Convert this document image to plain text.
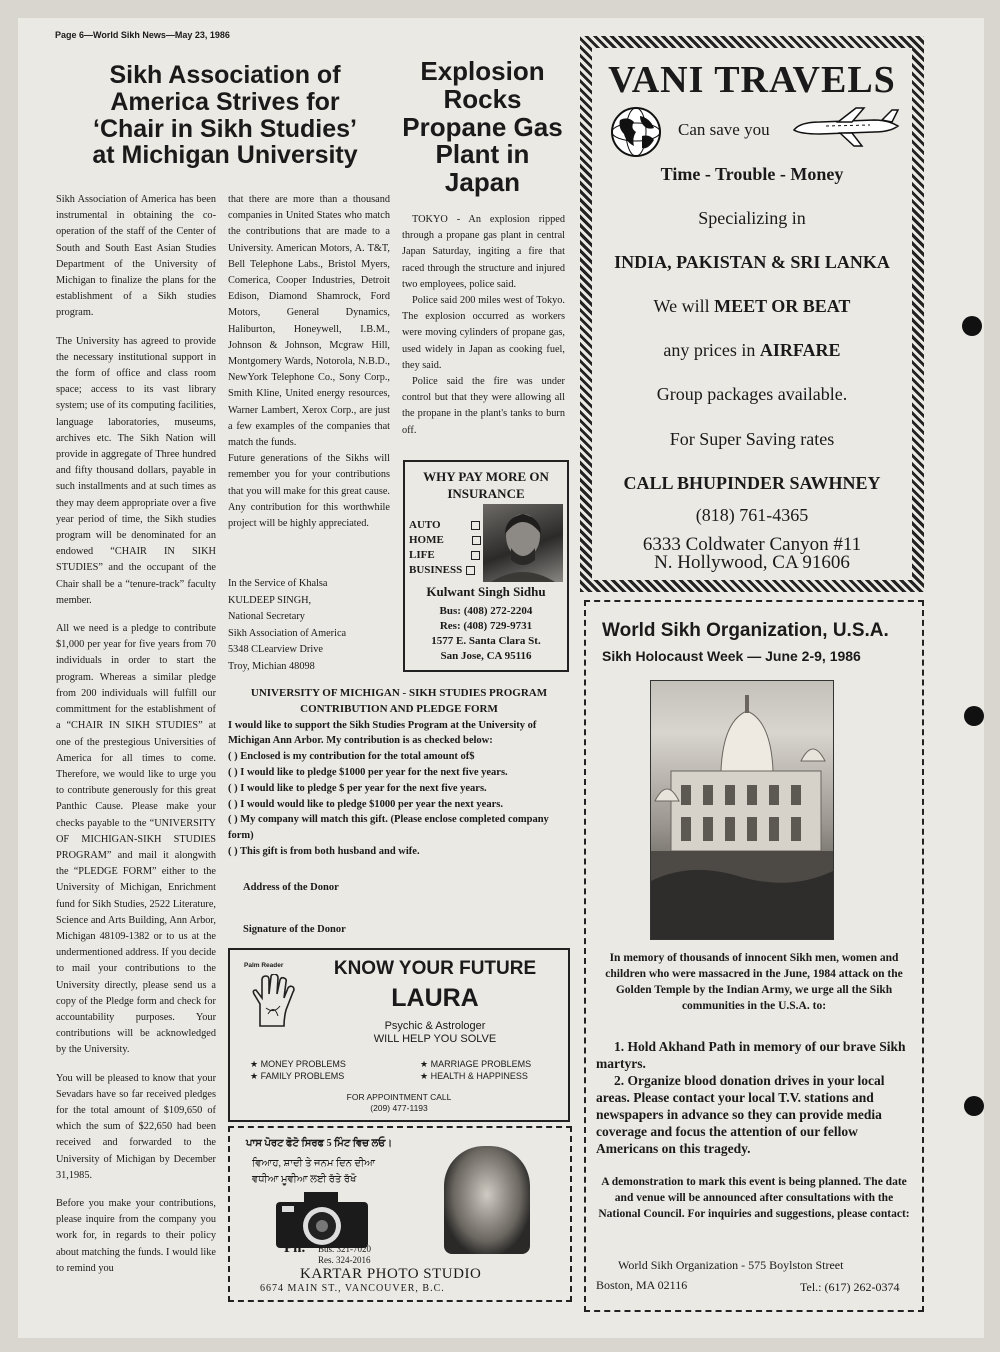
Page 6—World Sikh News—May 23, 1986
Sikh Association of America Strives for ‘Chair in Sikh Studies’ at Michigan University

Sikh Association of America has been instrumental in obtaining the co-operation of the staff of the Center of South and South East Asian Studies Department of the University of Michigan to finalize the plans for the establishment of a Sikh studies program.

The University has agreed to provide the necessary institutional support in the form of office and class room space; access to its vast library system; use of its computing facilities, language laboratories, museums, archives etc. The Sikh Nation will provide in aggregate of Three hundred and fifty thousand dollars, payable in such installments and at such times as they may deem appropriate over a five year period of time, the Sikh studies program will be denominated for an endowed “CHAIR IN SIKH STUDIES” and the occupant of the Chair shall be a “tenure-track” faculty member.

All we need is a pledge to contribute $1,000 per year for five years from 70 individuals in order to start the program. Whereas a similar pledge from 200 individuals will fulfill our committment for the establishment of a “CHAIR IN SIKH STUDIES” at one of the prestegious Universities of America for all times to come. Therefore, we would like to urge you to contribute generously for this great Panthic Cause. Please make your checks payable to the “UNIVERSITY OF MICHIGAN-SIKH STUDIES PROGRAM” and mail it alongwith the “PLEDGE FORM” either to the University of Michigan, Enrichment fund for Sikh Studies, 2522 Literature, Science and Arts Building, Ann Arbor, Michigan 48109-1382 or to us at the undermentioned address. If you decide to mail your contributions to the University directly, please send us a copy of the Pledge form and check for accountability purposes. Your contributions will be acknowledged by the University.

You will be pleased to know that your Sevadars have so far received pledges for the total amount of $109,650 of which the sum of $22,650 had been received and forwarded to the University of Michigan by December 31,1985.

Before you make your contributions, please inquire from the company you work for, in regards to their policy about matching the funds. I would like to remind you

that there are more than a thousand companies in United States who match the contributions that are made to a University. American Motors, A. T&T, Bell Telephone Labs., Bristol Myers, Comerica, Cooper Industries, Detroit Edison, Diamond Shamrock, Ford Motors, General Dynamics, Haliburton, Honeywell, I.B.M., Johnson & Johnson, Mcgraw Hill, Montgomery Wards, Notorola, N.B.D., NewYork Telephone Co., Sony Corp., Smith Kline, United energy resources, Warner Lambert, Xerox Corp., are just a few examples of the companies that match the funds.

Future generations of the Sikhs will remember you for your contributions that you will make for this great cause. Any contribution for this worthwhile project will be highly appreciated.

In the Service of Khalsa
KULDEEP SINGH,
National Secretary
Sikh Association of America
5348 CLearview Drive
Troy, Michian 48098
Explosion Rocks Propane Gas Plant in Japan

TOKYO - An explosion ripped through a propane gas plant in central Japan Saturday, ingiting a fire that raced through the structure and injured two employees, police said.

Police said 200 miles west of Tokyo. The explosion occurred as workers were moving cylinders of propane gas, used widely in Japan as cooking fuel, they said.

Police said the fire was under control but that they were allowing all the propane in the plant's tanks to burn off.

WHY PAY MORE ON INSURANCE
AUTO
HOME
LIFE
BUSINESS
Kulwant Singh Sidhu
Bus: (408) 272-2204
Res: (408) 729-9731
1577 E. Santa Clara St.
San Jose, CA 95116
UNIVERSITY OF MICHIGAN - SIKH STUDIES PROGRAM
CONTRIBUTION AND PLEDGE FORM
I would like to support the Sikh Studies Program at the University of Michigan Ann Arbor. My contribution is as checked below:
( ) Enclosed is my contribution for the total amount of$
( ) I would like to pledge $1000 per year for the next five years.
( ) I would like to pledge $ per year for the next five years.
( ) I would would like to pledge $1000 per year the next years.
( ) My company will match this gift. (Please enclose completed company form)
( ) This gift is from both husband and wife.
Address of the Donor
Signature of the Donor
Palm Reader	KNOW YOUR FUTURE
LAURA
Psychic & Astrologer
WILL HELP YOU SOLVE
★ MONEY PROBLEMS
★ FAMILY PROBLEMS
★ MARRIAGE PROBLEMS
★ HEALTH & HAPPINESS
FOR APPOINTMENT CALL
(209) 477-1193
ਪਾਸ ਪੋਰਟ ਫੋਟੋ ਸਿਰਫ 5 ਮਿੰਟ ਵਿਚ ਲਓ।
ਵਿਆਹ, ਸ਼ਾਦੀ ਤੇ ਜਨਮ ਦਿਨ ਦੀਆ
ਵਧੀਆ ਮੂਵੀਆ ਲਈ ਰੱਤੇ ਰੱਖੋ
Ph. Bus. 321-7020
Res. 324-2016
KARTAR PHOTO STUDIO
6674 MAIN ST., VANCOUVER, B.C.
VANI TRAVELS
Can save you
Time - Trouble - Money
Specializing in
INDIA, PAKISTAN & SRI LANKA
We will MEET OR BEAT
any prices in AIRFARE
Group packages available.
For Super Saving rates
CALL BHUPINDER SAWHNEY
(818) 761-4365
6333 Coldwater Canyon #11
N. Hollywood, CA 91606
World Sikh Organization, U.S.A.
Sikh Holocaust Week — June 2-9, 1986
In memory of thousands of innocent Sikh men, women and children who were massacred in the June, 1984 attack on the Golden Temple by the Indian Army, we urge all the Sikh communities in the U.S.A. to:
1. Hold Akhand Path in memory of our brave Sikh martyrs.
2. Organize blood donation drives in your local areas. Please contact your local T.V. stations and newspapers in advance so they can provide media coverage and focus the attention of our fellow Americans on this tragedy.
A demonstration to mark this event is being planned. The date and venue will be announced after consultations with the National Council. For inquiries and suggestions, please contact:
World Sikh Organization - 575 Boylston Street
Boston, MA 02116	Tel.: (617) 262-0374
